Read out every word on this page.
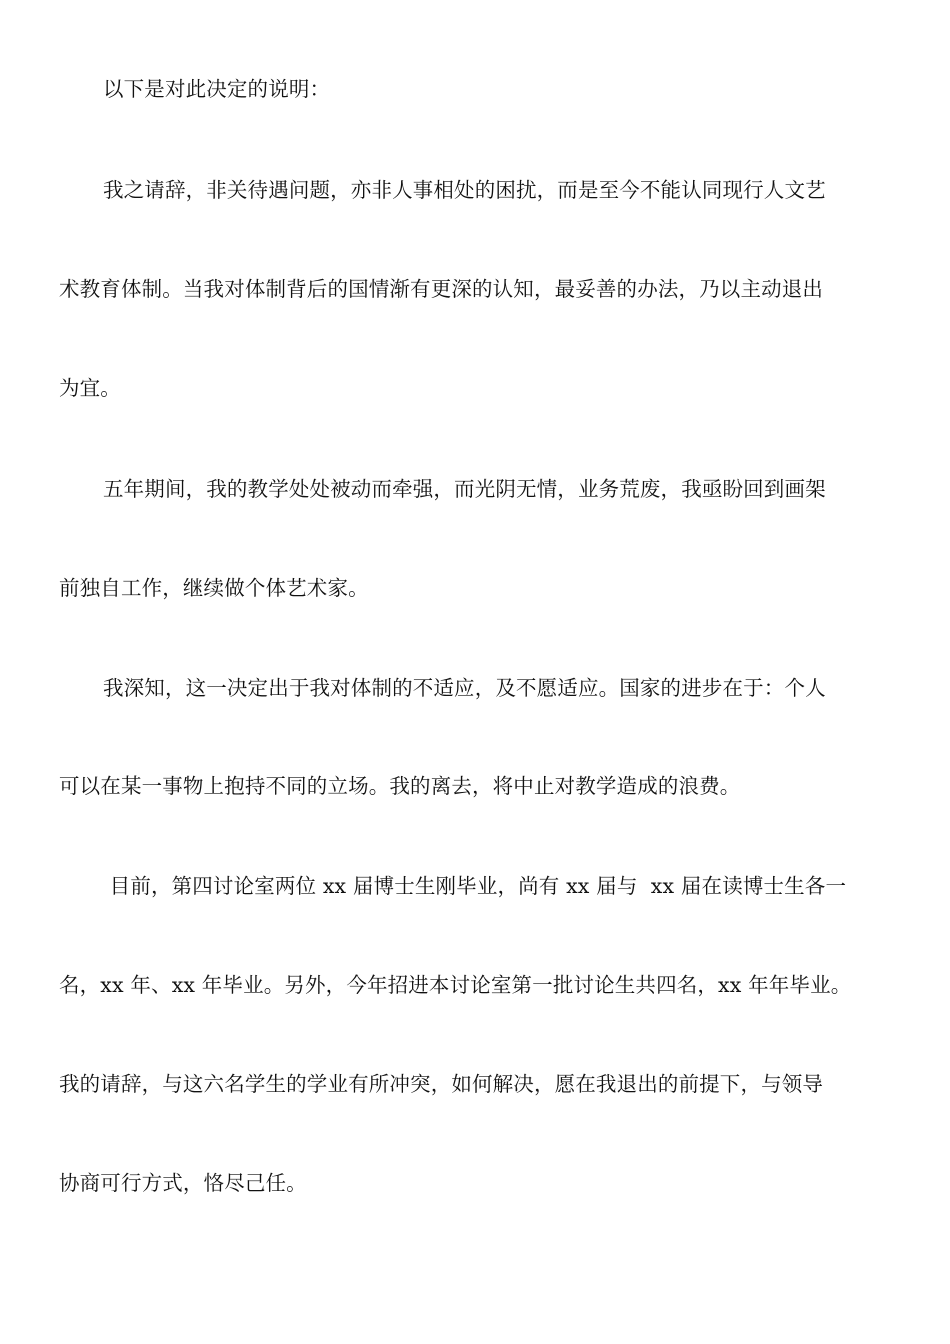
以下是对此决定的说明：
我之请辞，非关待遇问题，亦非人事相处的困扰，而是至今不能认同现行人文艺
术教育体制。当我对体制背后的国情渐有更深的认知，最妥善的办法，乃以主动退出
为宜。
五年期间，我的教学处处被动而牵强，而光阴无情，业务荒废，我亟盼回到画架
前独自工作，继续做个体艺术家。
我深知，这一决定出于我对体制的不适应，及不愿适应。国家的进步在于：个人
可以在某一事物上抱持不同的立场。我的离去，将中止对教学造成的浪费。
目前，第四讨论室两位 xx 届博士生刚毕业，尚有 xx 届与  xx 届在读博士生各一
名，xx 年、xx 年毕业。另外，今年招进本讨论室第一批讨论生共四名，xx 年年毕业。
我的请辞，与这六名学生的学业有所冲突，如何解决，愿在我退出的前提下，与领导
协商可行方式，恪尽己任。
